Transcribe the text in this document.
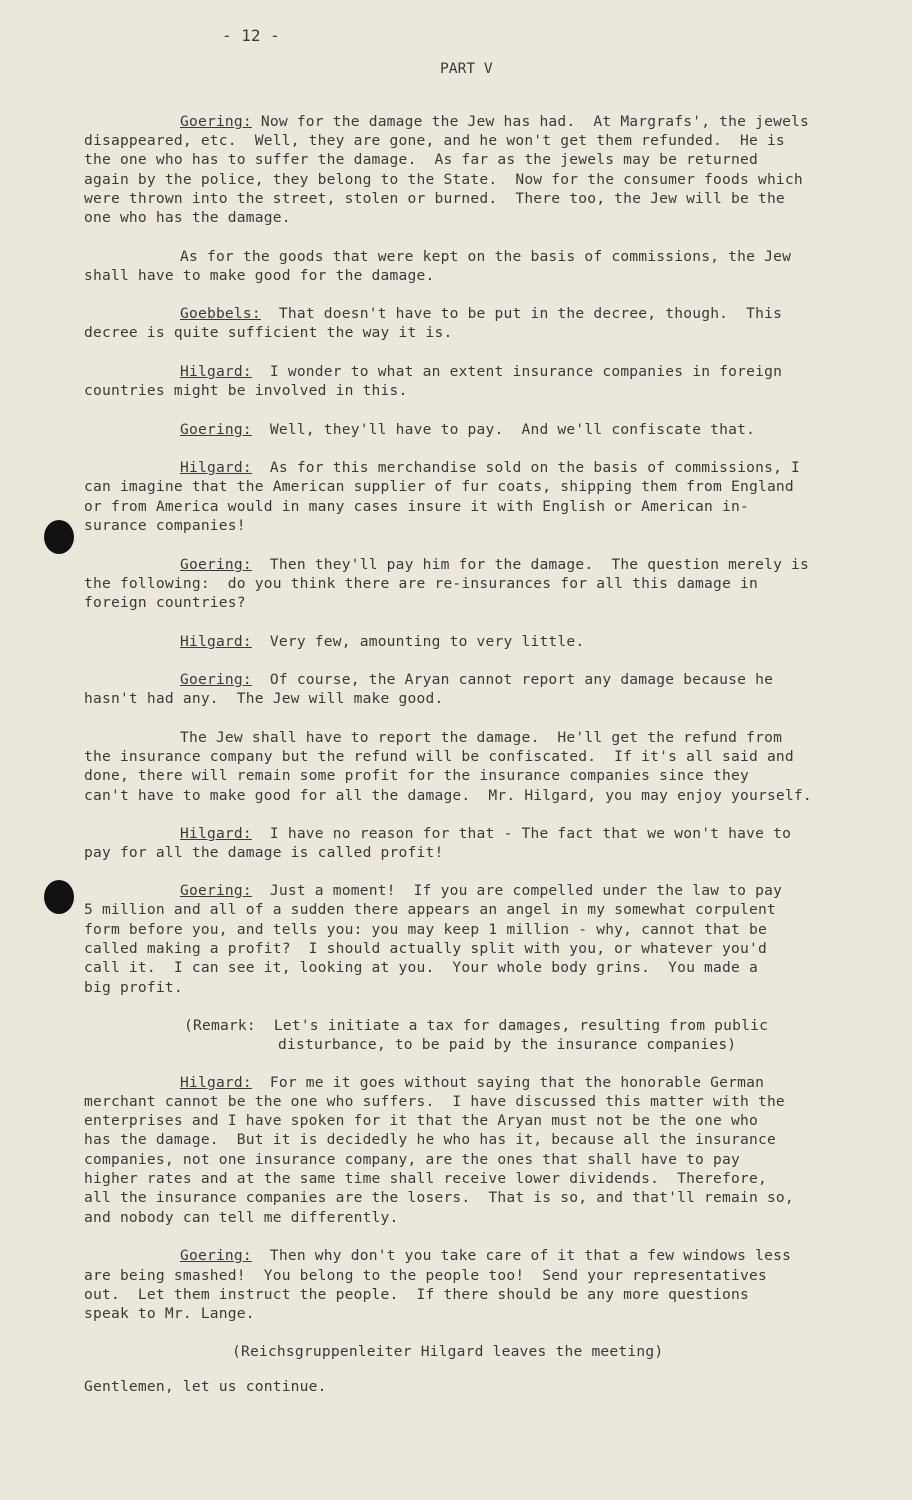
- 12 -
PART V
Goering: Now for the damage the Jew has had.  At Margrafs', the jewels
disappeared, etc.  Well, they are gone, and he won't get them refunded.  He is
the one who has to suffer the damage.  As far as the jewels may be returned
again by the police, they belong to the State.  Now for the consumer foods which
were thrown into the street, stolen or burned.  There too, the Jew will be the
one who has the damage.
As for the goods that were kept on the basis of commissions, the Jew
shall have to make good for the damage.
Goebbels:  That doesn't have to be put in the decree, though.  This
decree is quite sufficient the way it is.
Hilgard:  I wonder to what an extent insurance companies in foreign
countries might be involved in this.
Goering:  Well, they'll have to pay.  And we'll confiscate that.
Hilgard:  As for this merchandise sold on the basis of commissions, I
can imagine that the American supplier of fur coats, shipping them from England
or from America would in many cases insure it with English or American in-
surance companies!
Goering:  Then they'll pay him for the damage.  The question merely is
the following:  do you think there are re-insurances for all this damage in
foreign countries?
Hilgard:  Very few, amounting to very little.
Goering:  Of course, the Aryan cannot report any damage because he
hasn't had any.  The Jew will make good.
The Jew shall have to report the damage.  He'll get the refund from
the insurance company but the refund will be confiscated.  If it's all said and
done, there will remain some profit for the insurance companies since they
can't have to make good for all the damage.  Mr. Hilgard, you may enjoy yourself.
Hilgard:  I have no reason for that - The fact that we won't have to
pay for all the damage is called profit!
Goering:  Just a moment!  If you are compelled under the law to pay
5 million and all of a sudden there appears an angel in my somewhat corpulent
form before you, and tells you: you may keep 1 million - why, cannot that be
called making a profit?  I should actually split with you, or whatever you'd
call it.  I can see it, looking at you.  Your whole body grins.  You made a
big profit.
(Remark:  Let's initiate a tax for damages, resulting from public
disturbance, to be paid by the insurance companies)
Hilgard:  For me it goes without saying that the honorable German
merchant cannot be the one who suffers.  I have discussed this matter with the
enterprises and I have spoken for it that the Aryan must not be the one who
has the damage.  But it is decidedly he who has it, because all the insurance
companies, not one insurance company, are the ones that shall have to pay
higher rates and at the same time shall receive lower dividends.  Therefore,
all the insurance companies are the losers.  That is so, and that'll remain so,
and nobody can tell me differently.
Goering:  Then why don't you take care of it that a few windows less
are being smashed!  You belong to the people too!  Send your representatives
out.  Let them instruct the people.  If there should be any more questions
speak to Mr. Lange.
(Reichsgruppenleiter Hilgard leaves the meeting)
Gentlemen, let us continue.
